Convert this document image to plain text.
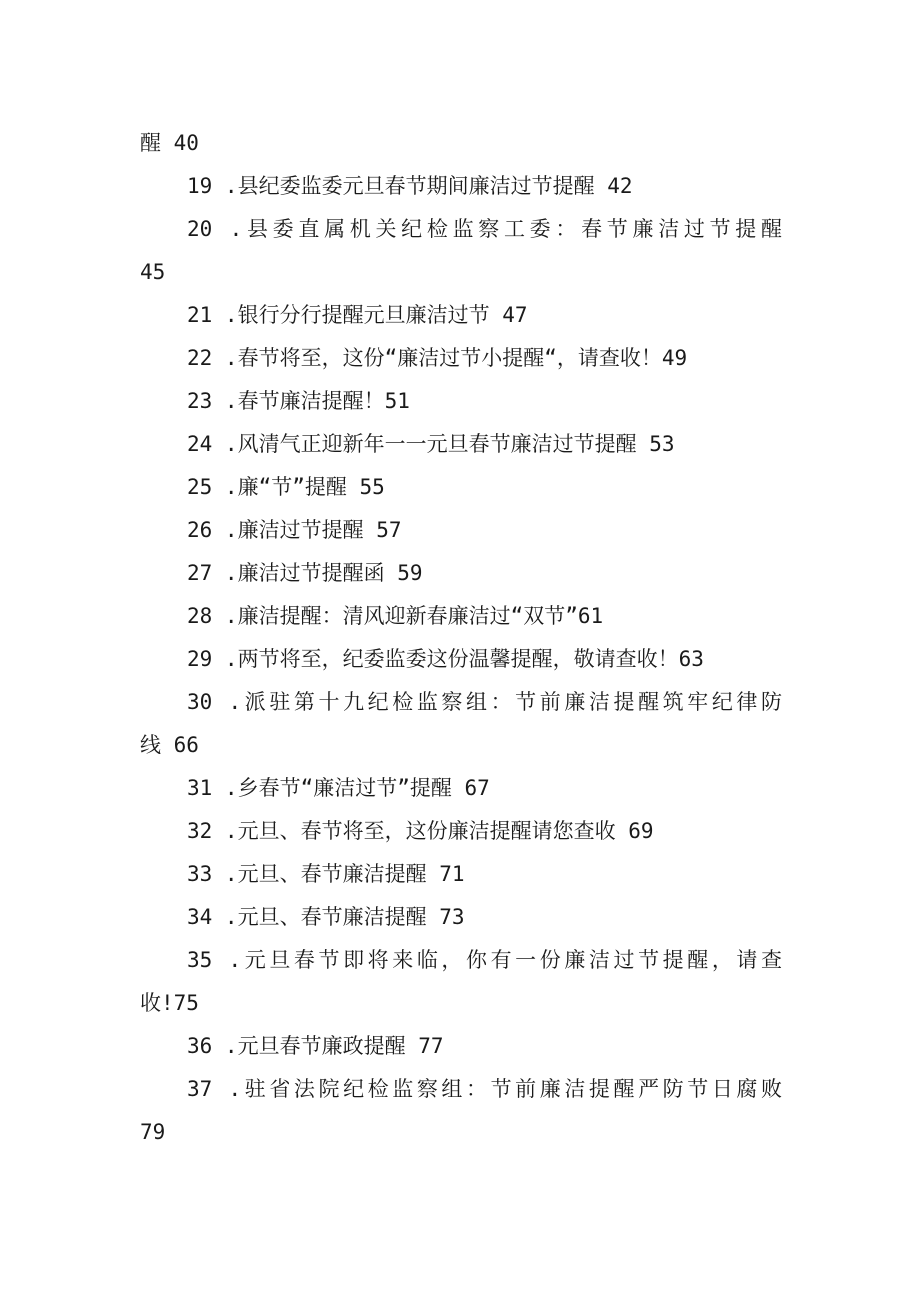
醒 40
19 .县纪委监委元旦春节期间廉洁过节提醒 42
20 .县委直属机关纪检监察工委：春节廉洁过节提醒
45
21 .银行分行提醒元旦廉洁过节 47
22 .春节将至，这份“廉洁过节小提醒“，请查收！49
23 .春节廉洁提醒！51
24 .风清气正迎新年一一元旦春节廉洁过节提醒 53
25 .廉“节”提醒 55
26 .廉洁过节提醒 57
27 .廉洁过节提醒函 59
28 .廉洁提醒：清风迎新春廉洁过“双节”61
29 .两节将至，纪委监委这份温馨提醒，敬请查收！63
30 .派驻第十九纪检监察组：节前廉洁提醒筑牢纪律防
线 66
31 .乡春节“廉洁过节”提醒 67
32 .元旦、春节将至，这份廉洁提醒请您查收 69
33 .元旦、春节廉洁提醒 71
34 .元旦、春节廉洁提醒 73
35 .元旦春节即将来临，你有一份廉洁过节提醒，请查
收!75
36 .元旦春节廉政提醒 77
37 .驻省法院纪检监察组：节前廉洁提醒严防节日腐败
79
